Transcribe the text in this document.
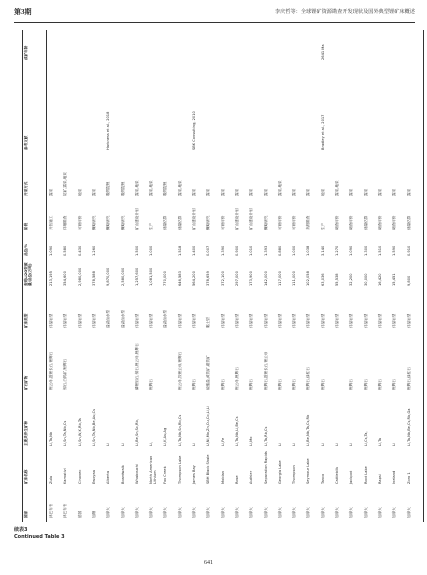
第3期	李庆哲等：全球锂矿资源勘查开发现状及国外典型锂矿床概述
国家
矿床名称
主要共伴生矿种
矿石矿物
矿床类型
查明Li2O资源量/品位(万吨)
品位/%
阶段
开采方式
参考文献
成矿年龄
津巴布韦
Zulu
Li,Ta,Nb
锂云母,透锂长石,锂辉石
伟晶岩型
213,195
1.090
开拓施工
露采
津巴布韦
Kamativi
Li,Sn,Ta,Nb,Cs
锡石,白钨矿,锂辉石
伟晶岩型
354,600
0.580
详细勘查
尾矿,露采,地采
德国
Cinovec
Li,Sn,W,K,Rb,Ta
伟晶岩型
2,980,000
0.430
可研评价
地采
加纳
Ewoyaa
Li,Sn,Ta,Nb,Be,Au,Cs
伟晶岩型
378,588
1.260
概略研究
露采
加拿大
Alberta
Li
盐湖卤水型
9,870,000
概略研究
吸附提锂
Harkness et al., 2018
加拿大
Boardwalk
Li
盐湖卤水型
2,580,000
概略研究
吸附提锂
加拿大
Whabouchi
Li,Be,Sn,Sc,Rb,
磷锂铝石,锡石,锂云母,锂辉石
伟晶岩型
1,257,600
1.500
矿山建设计划
露采,地采
加拿大
North American Lithium
Li,
锂辉石
伟晶岩型
1,081,500
1.000
生产
露采,地采
加拿大
Fox Creek
Li,K,Au,Ag
盐湖卤水型
770,000
储量估算
吸附提锂
加拿大
Thompson Lake
Li,Ta,Nb,Sn,Rb,Cs
锂云母,铁锂云母,锂辉石
伟晶岩型
646,583
1.518
储量估算
露采,地采
加拿大
James Bay
Li
锂辉石
伟晶岩型
564,200
1.400
矿山建设计划
露采
SBK Consulting, 2010
加拿大
SBH Black Shale
U,Ni,Mo,Zn,Cu,Co,Li,Li
硫酸盐,黄铁矿,磁铁矿
黏土型
378,659
0.007
概略研究
露采
加拿大
Moblan
Li,Fe
锂辉石
伟晶岩型
372,100
1.390
可研评价
露采
加拿大
Rose
Li,Ta,Nb,Li,Be,Cs
锂云母,锂辉石
伟晶岩型
297,000
0.900
矿山建设计划
露采
加拿大
Authier
Li,Mo
锂辉石
伟晶岩型
173,900
1.010
矿山建设计划
露采
加拿大
Separation Rapids
Li,Ta,Rb,Cs
锂辉石,透锂长石,锂云母
伟晶岩型
142,000
1.393
概略研究
露采
加拿大
Georgia Lake
Li
锂辉石
伟晶岩型
117,000
0.880
可研评价
露采,地采
加拿大
Thompson
Li
锂辉石
伟晶岩型
111,000
1.000
可研评价
露采
加拿大
Seymour Lake
Li,Be,Nb,Ta,Cs,Rb
锂辉石,绿柱石
伟晶岩型
102,058
1.038
高级勘查
露采
加拿大
Tanco
Li
锂辉石
伟晶岩型
63,036
3.140
生产
地采
Bradley et al., 2017
2641 Ma
加拿大
Cattlebilk
Li
伟晶岩型
55,538
1.270
调查评价
露采,地采
加拿大
Jackpot
Li
锂辉石
伟晶岩型
32,200
1.090
调查评价
露采
加拿大
Root Lake
Li,Cs,Ta,
锂辉石
伟晶岩型
30,000
1.300
储量估算
露采
加拿大
Rapsi
Li,Ta
锂辉石
伟晶岩型
16,420
1.510
调查评价
露采
加拿大
Ineland
Li
锂辉石
伟晶岩型
15,451
1.590
调查评价
露采
加拿大
Zoro 1
Li,Ta,Nb,Be,Cs,Rb,Ga
锂辉石,绿柱石
伟晶岩型
9,800
0.910
储量估算
露采
续表3
Continued Table 3
641
